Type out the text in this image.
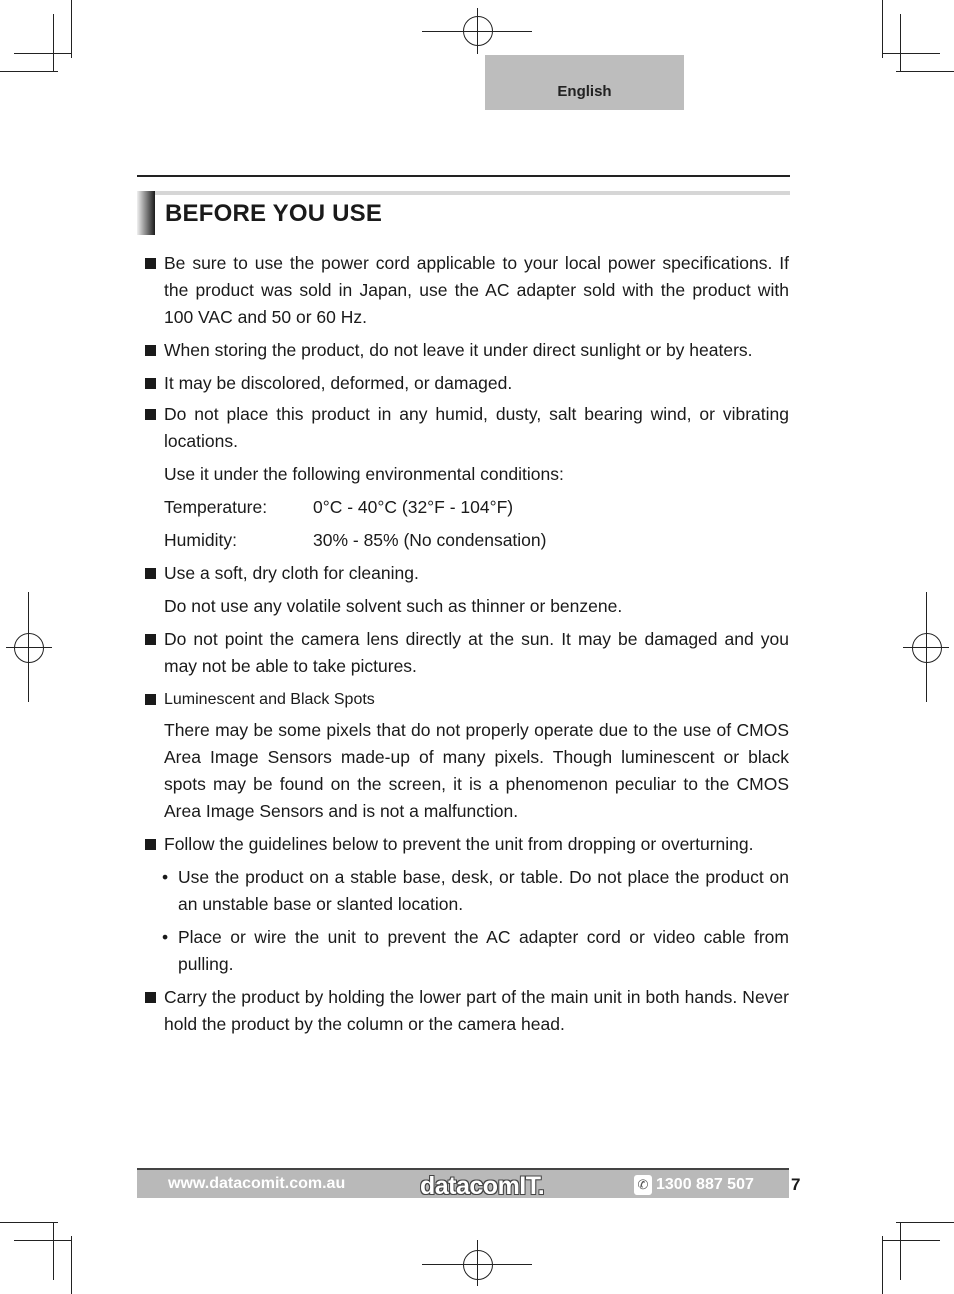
English
BEFORE YOU USE
Be sure to use the power cord applicable to your local power specifications. If the product was sold in Japan, use the AC adapter sold with the product with 100 VAC and 50 or 60 Hz.
When storing the product, do not leave it under direct sunlight or by heaters.
It may be discolored, deformed, or damaged.
Do not place this product in any humid, dusty, salt bearing wind, or vibrating locations.
Use it under the following environmental conditions:
Temperature:	0°C - 40°C (32°F - 104°F)
Humidity:	30% - 85% (No condensation)
Use a soft, dry cloth for cleaning.
Do not use any volatile solvent such as thinner or benzene.
Do not point the camera lens directly at the sun. It may be damaged and you may not be able to take pictures.
Luminescent and Black Spots
There may be some pixels that do not properly operate due to the use of CMOS Area Image Sensors made-up of many pixels. Though luminescent or black spots may be found on the screen, it is a phenomenon peculiar to the CMOS Area Image Sensors and is not a malfunction.
Follow the guidelines below to prevent the unit from dropping or overturning.
• Use the product on a stable base, desk, or table. Do not place the product on an unstable base or slanted location.
• Place or wire the unit to prevent the AC adapter cord or video cable from pulling.
Carry the product by holding the lower part of the main unit in both hands. Never hold the product by the column or the camera head.
www.datacomit.com.au	datacomIT.	✆ 1300 887 507 7
